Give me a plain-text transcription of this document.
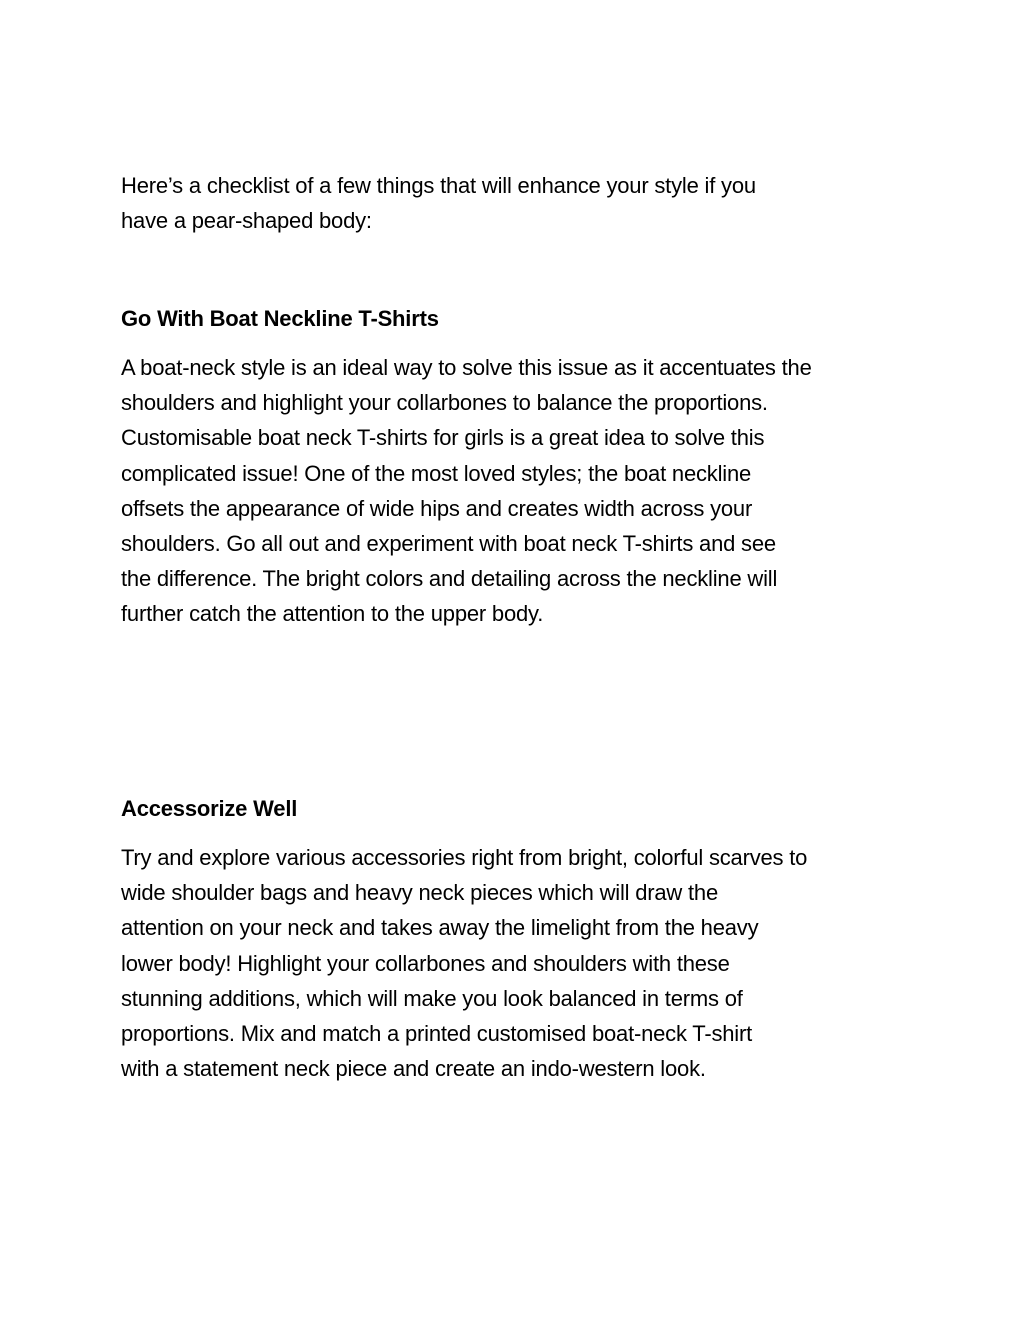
Here’s a checklist of a few things that will enhance your style if you
have a pear-shaped body:

Go With Boat Neckline T-Shirts

A boat-neck style is an ideal way to solve this issue as it accentuates the
shoulders and highlight your collarbones to balance the proportions.
Customisable boat neck T-shirts for girls is a great idea to solve this
complicated issue! One of the most loved styles; the boat neckline
offsets the appearance of wide hips and creates width across your
shoulders. Go all out and experiment with boat neck T-shirts and see
the difference. The bright colors and detailing across the neckline will
further catch the attention to the upper body.

Accessorize Well

Try and explore various accessories right from bright, colorful scarves to
wide shoulder bags and heavy neck pieces which will draw the
attention on your neck and takes away the limelight from the heavy
lower body! Highlight your collarbones and shoulders with these
stunning additions, which will make you look balanced in terms of
proportions. Mix and match a printed customised boat-neck T-shirt
with a statement neck piece and create an indo-western look.
